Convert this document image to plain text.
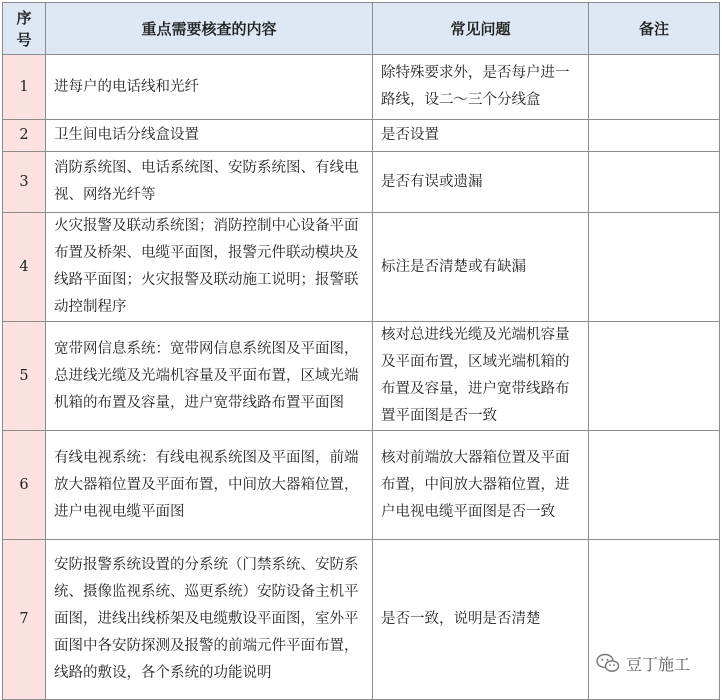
序号	重点需要核查的内容	常见问题	备注
1	进每户的电话线和光纤	除特殊要求外，是否每户进一路线，设二～三个分线盒	
2	卫生间电话分线盒设置	是否设置	
3	消防系统图、电话系统图、安防系统图、有线电视、网络光纤等	是否有误或遗漏	
4	火灾报警及联动系统图；消防控制中心设备平面布置及桥架、电缆平面图，报警元件联动模块及线路平面图；火灾报警及联动施工说明；报警联动控制程序	标注是否清楚或有缺漏	
5	宽带网信息系统：宽带网信息系统图及平面图，总进线光缆及光端机容量及平面布置，区域光端机箱的布置及容量，进户宽带线路布置平面图	核对总进线光缆及光端机容量及平面布置，区域光端机箱的布置及容量，进户宽带线路布置平面图是否一致	
6	有线电视系统：有线电视系统图及平面图，前端放大器箱位置及平面布置，中间放大器箱位置，进户电视电缆平面图	核对前端放大器箱位置及平面布置，中间放大器箱位置，进户电视电缆平面图是否一致	
7	安防报警系统设置的分系统（门禁系统、安防系统、摄像监视系统、巡更系统）安防设备主机平面图，进线出线桥架及电缆敷设平面图，室外平面图中各安防探测及报警的前端元件平面布置，线路的敷设，各个系统的功能说明	是否一致，说明是否清楚	
豆丁施工
